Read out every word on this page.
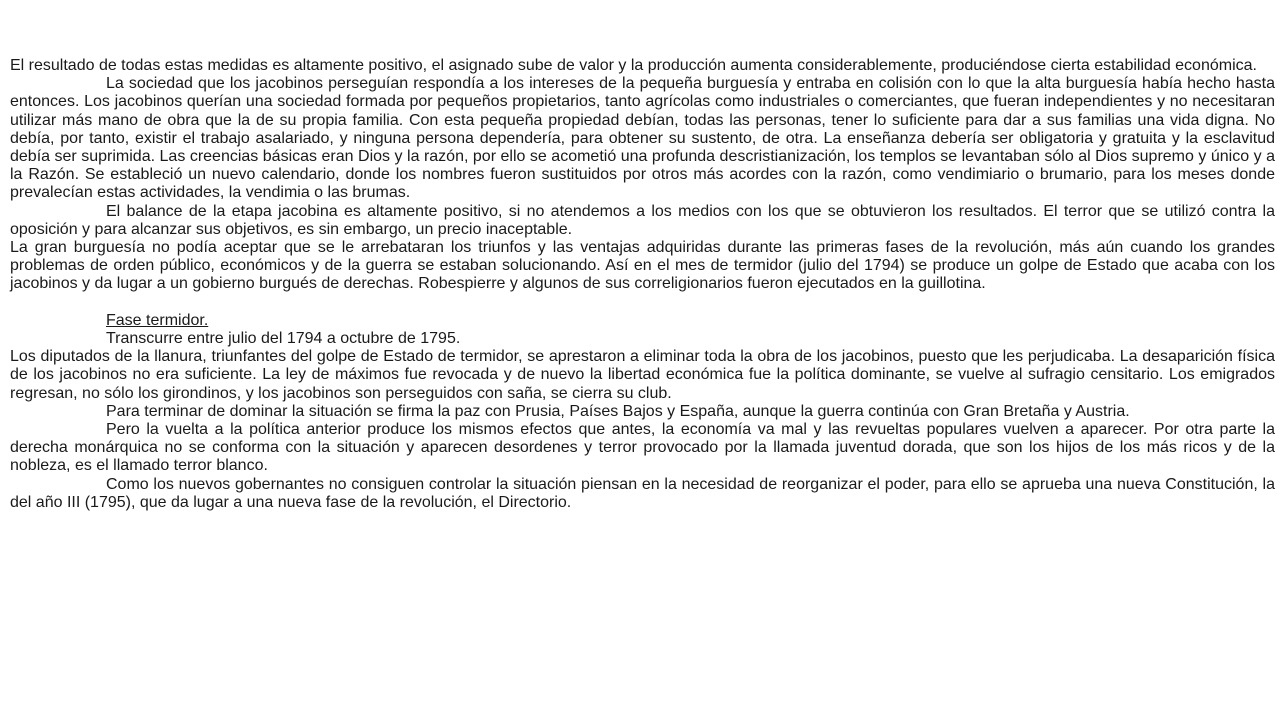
El resultado de todas estas medidas es altamente positivo, el asignado sube de valor y la producción aumenta considerablemente, produciéndose cierta estabilidad económica.

La sociedad que los jacobinos perseguían respondía a los intereses de la pequeña burguesía y entraba en colisión con lo que la alta burguesía había hecho hasta entonces. Los jacobinos querían una sociedad formada por pequeños propietarios, tanto agrícolas como industriales o comerciantes, que fueran independientes y no necesitaran utilizar más mano de obra que la de su propia familia. Con esta pequeña propiedad debían, todas las personas, tener lo suficiente para dar a sus familias una vida digna. No debía, por tanto, existir el trabajo asalariado, y ninguna persona dependería, para obtener su sustento, de otra. La enseñanza debería ser obligatoria y gratuita y la esclavitud debía ser suprimida. Las creencias básicas eran Dios y la razón, por ello se acometió una profunda descristianización, los templos se levantaban sólo al Dios supremo y único y a la Razón. Se estableció un nuevo calendario, donde los nombres fueron sustituidos por otros más acordes con la razón, como vendimiario o brumario, para los meses donde prevalecían estas actividades, la vendimia o las brumas.

El balance de la etapa jacobina es altamente positivo, si no atendemos a los medios con los que se obtuvieron los resultados. El terror que se utilizó contra la oposición y para alcanzar sus objetivos, es sin embargo, un precio inaceptable.

La gran burguesía no podía aceptar que se le arrebataran los triunfos y las ventajas adquiridas durante las primeras fases de la revolución, más aún cuando los grandes problemas de orden público, económicos y de la guerra se estaban solucionando. Así en el mes de termidor (julio del 1794) se produce un golpe de Estado que acaba con los jacobinos y da lugar a un gobierno burgués de derechas. Robespierre y algunos de sus correligionarios fueron ejecutados en la guillotina.

Fase termidor.

Transcurre entre julio del 1794 a octubre de 1795.

Los diputados de la llanura, triunfantes del golpe de Estado de termidor, se aprestaron a eliminar toda la obra de los jacobinos, puesto que les perjudicaba. La desaparición física de los jacobinos no era suficiente. La ley de máximos fue revocada y de nuevo la libertad económica fue la política dominante, se vuelve al sufragio censitario. Los emigrados regresan, no sólo los girondinos, y los jacobinos son perseguidos con saña, se cierra su club.

Para terminar de dominar la situación se firma la paz con Prusia, Países Bajos y España, aunque la guerra continúa con Gran Bretaña y Austria.

Pero la vuelta a la política anterior produce los mismos efectos que antes, la economía va mal y las revueltas populares vuelven a aparecer. Por otra parte la derecha monárquica no se conforma con la situación y aparecen desordenes y terror provocado por la llamada juventud dorada, que son los hijos de los más ricos y de la nobleza, es el llamado terror blanco.

Como los nuevos gobernantes no consiguen controlar la situación piensan en la necesidad de reorganizar el poder, para ello se aprueba una nueva Constitución, la del año III (1795), que da lugar a una nueva fase de la revolución, el Directorio.
